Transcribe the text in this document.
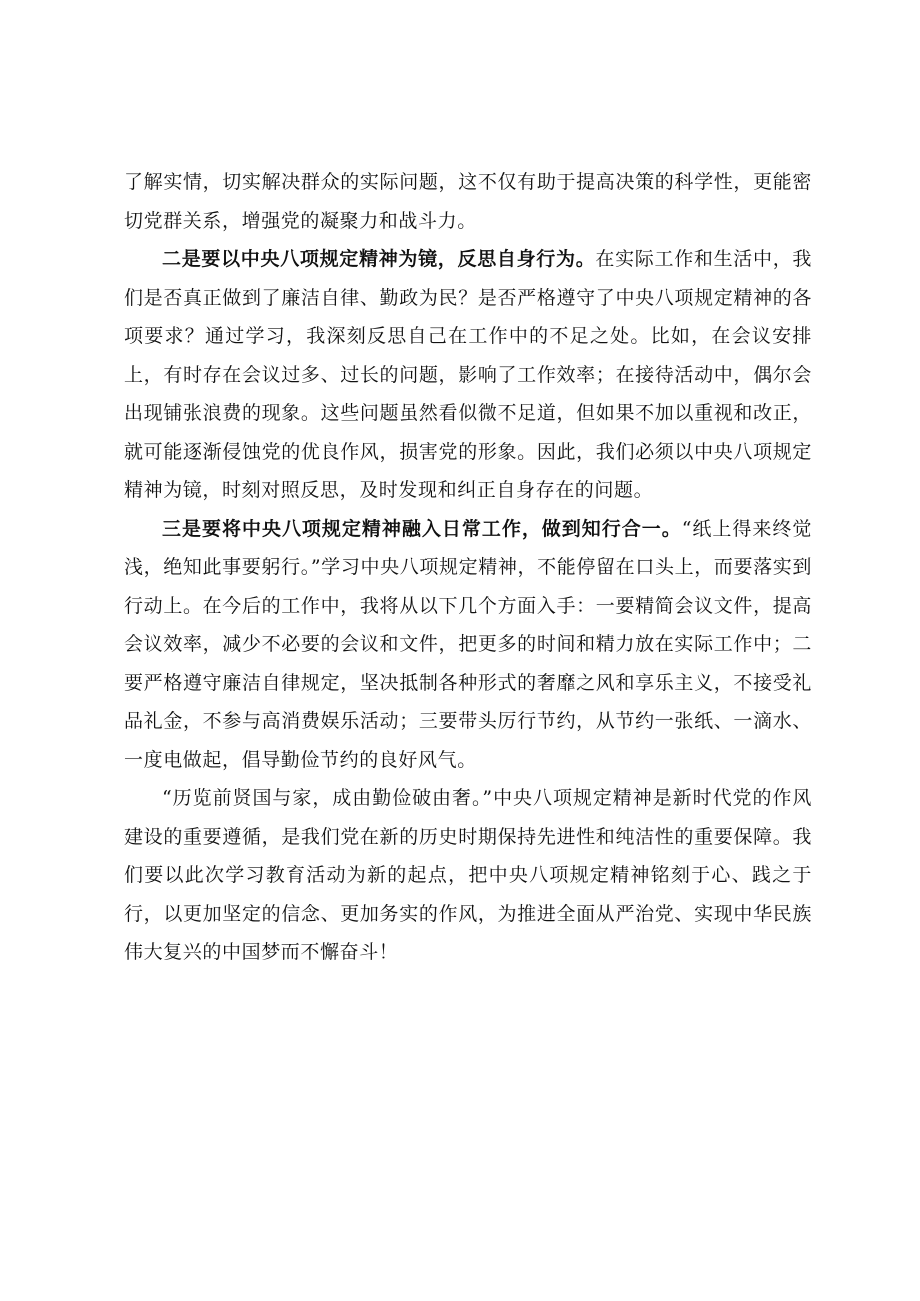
了解实情，切实解决群众的实际问题，这不仅有助于提高决策的科学性，更能密切党群关系，增强党的凝聚力和战斗力。

二是要以中央八项规定精神为镜，反思自身行为。在实际工作和生活中，我们是否真正做到了廉洁自律、勤政为民？是否严格遵守了中央八项规定精神的各项要求？通过学习，我深刻反思自己在工作中的不足之处。比如，在会议安排上，有时存在会议过多、过长的问题，影响了工作效率；在接待活动中，偶尔会出现铺张浪费的现象。这些问题虽然看似微不足道，但如果不加以重视和改正，就可能逐渐侵蚀党的优良作风，损害党的形象。因此，我们必须以中央八项规定精神为镜，时刻对照反思，及时发现和纠正自身存在的问题。

三是要将中央八项规定精神融入日常工作，做到知行合一。“纸上得来终觉浅，绝知此事要躬行。”学习中央八项规定精神，不能停留在口头上，而要落实到行动上。在今后的工作中，我将从以下几个方面入手：一要精简会议文件，提高会议效率，减少不必要的会议和文件，把更多的时间和精力放在实际工作中；二要严格遵守廉洁自律规定，坚决抵制各种形式的奢靡之风和享乐主义，不接受礼品礼金，不参与高消费娱乐活动；三要带头厉行节约，从节约一张纸、一滴水、一度电做起，倡导勤俭节约的良好风气。

“历览前贤国与家，成由勤俭破由奢。”中央八项规定精神是新时代党的作风建设的重要遵循，是我们党在新的历史时期保持先进性和纯洁性的重要保障。我们要以此次学习教育活动为新的起点，把中央八项规定精神铭刻于心、践之于行，以更加坚定的信念、更加务实的作风，为推进全面从严治党、实现中华民族伟大复兴的中国梦而不懈奋斗！
